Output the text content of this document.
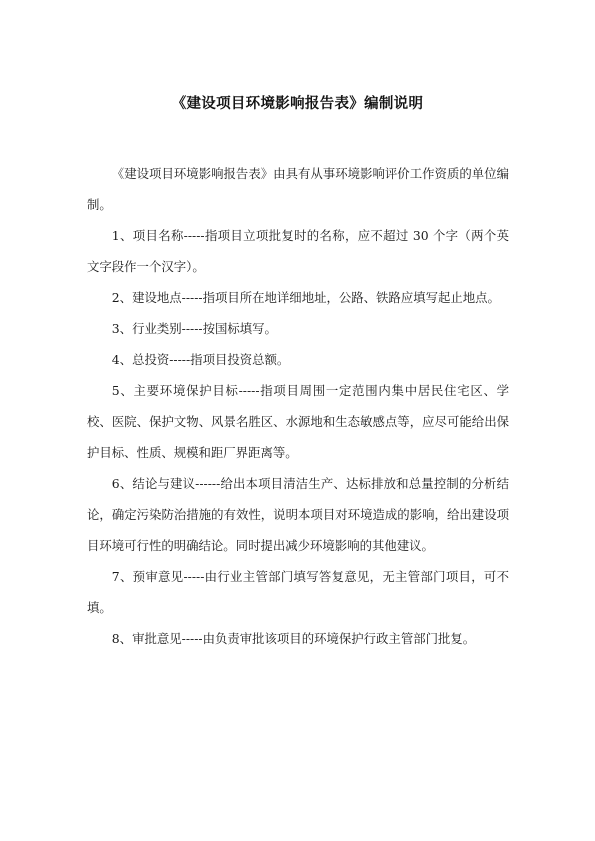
《建设项目环境影响报告表》编制说明

《建设项目环境影响报告表》由具有从事环境影响评价工作资质的单位编制。

1、项目名称-----指项目立项批复时的名称，应不超过 30 个字（两个英文字段作一个汉字）。

2、建设地点-----指项目所在地详细地址，公路、铁路应填写起止地点。

3、行业类别-----按国标填写。

4、总投资-----指项目投资总额。

5、主要环境保护目标-----指项目周围一定范围内集中居民住宅区、学校、医院、保护文物、风景名胜区、水源地和生态敏感点等，应尽可能给出保护目标、性质、规模和距厂界距离等。

6、结论与建议------给出本项目清洁生产、达标排放和总量控制的分析结论，确定污染防治措施的有效性，说明本项目对环境造成的影响，给出建设项目环境可行性的明确结论。同时提出减少环境影响的其他建议。

7、预审意见-----由行业主管部门填写答复意见，无主管部门项目，可不填。

8、审批意见-----由负责审批该项目的环境保护行政主管部门批复。
